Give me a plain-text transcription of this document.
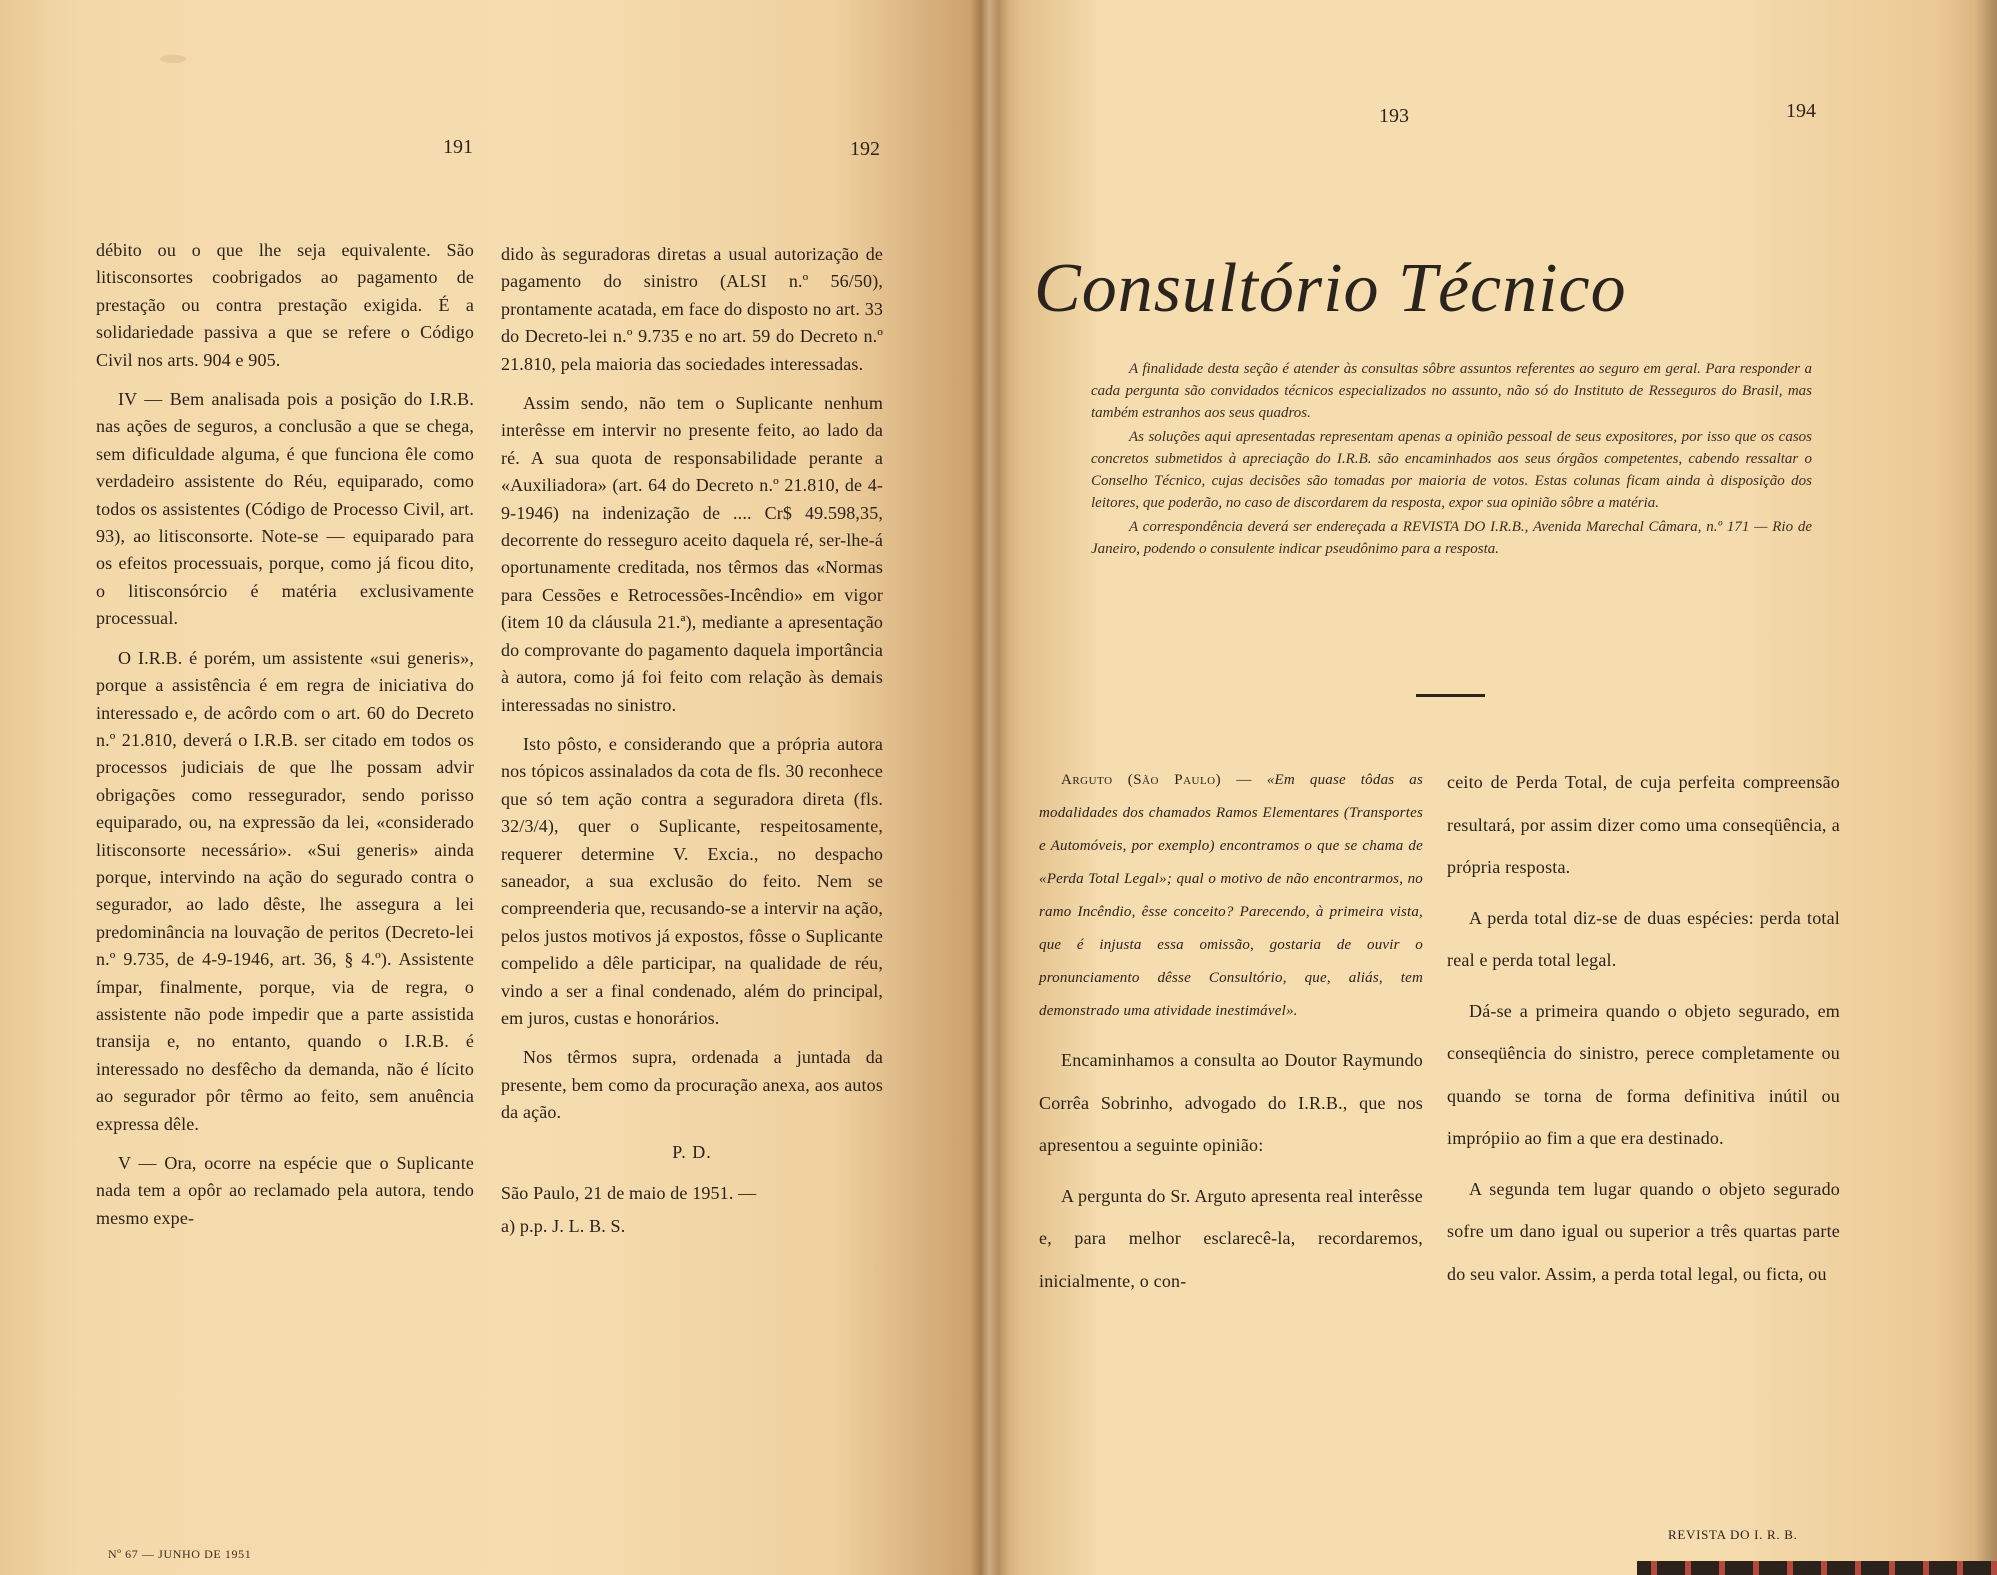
191	192

débito ou o que lhe seja equivalente. São litisconsortes coobrigados ao pagamento de prestação ou contra prestação exigida. É a solidariedade passiva a que se refere o Código Civil nos arts. 904 e 905.

IV — Bem analisada pois a posição do I.R.B. nas ações de seguros, a conclusão a que se chega, sem dificuldade alguma, é que funciona êle como verdadeiro assistente do Réu, equiparado, como todos os assistentes (Código de Processo Civil, art. 93), ao litisconsorte. Note-se — equiparado para os efeitos processuais, porque, como já ficou dito, o litisconsórcio é matéria exclusivamente processual.

O I.R.B. é porém, um assistente «sui generis», porque a assistência é em regra de iniciativa do interessado e, de acôrdo com o art. 60 do Decreto n.º 21.810, deverá o I.R.B. ser citado em todos os processos judiciais de que lhe possam advir obrigações como ressegurador, sendo porisso equiparado, ou, na expressão da lei, «considerado litisconsorte necessário». «Sui generis» ainda porque, intervindo na ação do segurado contra o segurador, ao lado dêste, lhe assegura a lei predominância na louvação de peritos (Decreto-lei n.º 9.735, de 4-9-1946, art. 36, § 4.º). Assistente ímpar, finalmente, porque, via de regra, o assistente não pode impedir que a parte assistida transija e, no entanto, quando o I.R.B. é interessado no desfêcho da demanda, não é lícito ao segurador pôr têrmo ao feito, sem anuência expressa dêle.

V — Ora, ocorre na espécie que o Suplicante nada tem a opôr ao reclamado pela autora, tendo mesmo expe-

dido às seguradoras diretas a usual autorização de pagamento do sinistro (ALSI n.º 56/50), prontamente acatada, em face do disposto no art. 33 do Decreto-lei n.º 9.735 e no art. 59 do Decreto n.º 21.810, pela maioria das sociedades interessadas.

Assim sendo, não tem o Suplicante nenhum interêsse em intervir no presente feito, ao lado da ré. A sua quota de responsabilidade perante a «Auxiliadora» (art. 64 do Decreto n.º 21.810, de 4-9-1946) na indenização de .... Cr$ 49.598,35, decorrente do resseguro aceito daquela ré, ser-lhe-á oportunamente creditada, nos têrmos das «Normas para Cessões e Retrocessões-Incêndio» em vigor (item 10 da cláusula 21.ª), mediante a apresentação do comprovante do pagamento daquela importância à autora, como já foi feito com relação às demais interessadas no sinistro.

Isto pôsto, e considerando que a própria autora nos tópicos assinalados da cota de fls. 30 reconhece que só tem ação contra a seguradora direta (fls. 32/3/4), quer o Suplicante, respeitosamente, requerer determine V. Excia., no despacho saneador, a sua exclusão do feito. Nem se compreenderia que, recusando-se a intervir na ação, pelos justos motivos já expostos, fôsse o Suplicante compelido a dêle participar, na qualidade de réu, vindo a ser a final condenado, além do principal, em juros, custas e honorários.

Nos têrmos supra, ordenada a juntada da presente, bem como da procuração anexa, aos autos da ação.

P. D.
São Paulo, 21 de maio de 1951. —
a) p.p. J. L. B. S.
Nº 67 — JUNHO DE 1951
193	194
Consultório Técnico

A finalidade desta seção é atender às consultas sôbre assuntos referentes ao seguro em geral. Para responder a cada pergunta são convidados técnicos especializados no assunto, não só do Instituto de Resseguros do Brasil, mas também estranhos aos seus quadros.

As soluções aqui apresentadas representam apenas a opinião pessoal de seus expositores, por isso que os casos concretos submetidos à apreciação do I.R.B. são encaminhados aos seus órgãos competentes, cabendo ressaltar o Conselho Técnico, cujas decisões são tomadas por maioria de votos. Estas colunas ficam ainda à disposição dos leitores, que poderão, no caso de discordarem da resposta, expor sua opinião sôbre a matéria.

A correspondência deverá ser endereçada a REVISTA DO I.R.B., Avenida Marechal Câmara, n.º 171 — Rio de Janeiro, podendo o consulente indicar pseudônimo para a resposta.

Arguto (São Paulo) — «Em quase tôdas as modalidades dos chamados Ramos Elementares (Transportes e Automóveis, por exemplo) encontramos o que se chama de «Perda Total Legal»; qual o motivo de não encontrarmos, no ramo Incêndio, êsse conceito? Parecendo, à primeira vista, que é injusta essa omissão, gostaria de ouvir o pronunciamento dêsse Consultório, que, aliás, tem demonstrado uma atividade inestimável».

Encaminhamos a consulta ao Doutor Raymundo Corrêa Sobrinho, advogado do I.R.B., que nos apresentou a seguinte opinião:

A pergunta do Sr. Arguto apresenta real interêsse e, para melhor esclarecê-la, recordaremos, inicialmente, o con-

ceito de Perda Total, de cuja perfeita compreensão resultará, por assim dizer como uma conseqüência, a própria resposta.

A perda total diz-se de duas espécies: perda total real e perda total legal.

Dá-se a primeira quando o objeto segurado, em conseqüência do sinistro, perece completamente ou quando se torna de forma definitiva inútil ou imprópiio ao fim a que era destinado.

A segunda tem lugar quando o objeto segurado sofre um dano igual ou superior a três quartas parte do seu valor. Assim, a perda total legal, ou ficta, ou

REVISTA DO I. R. B.
